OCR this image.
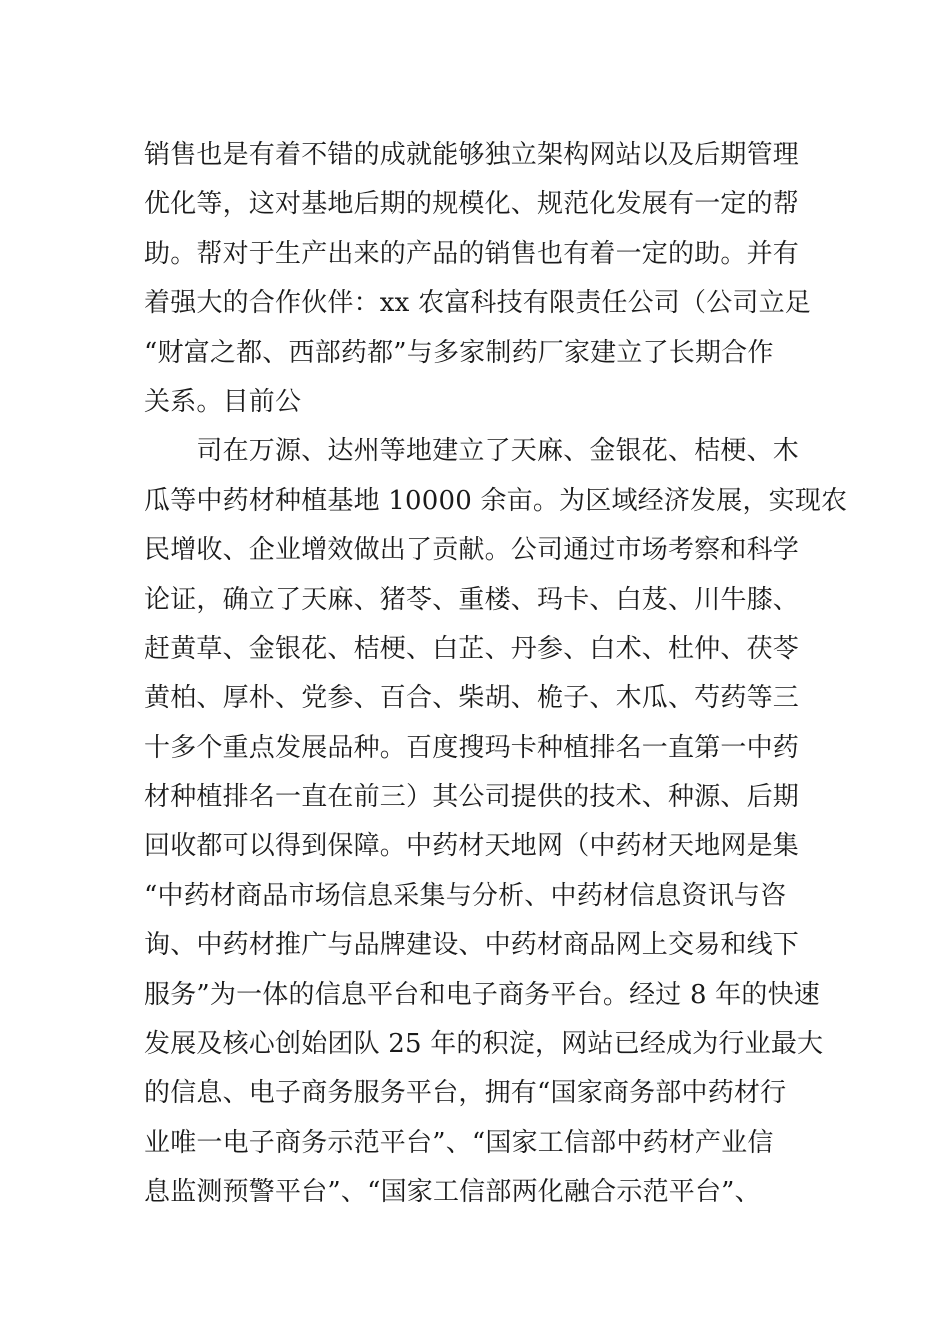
销售也是有着不错的成就能够独立架构网站以及后期管理
优化等，这对基地后期的规模化、规范化发展有一定的帮
助。帮对于生产出来的产品的销售也有着一定的助。并有
着强大的合作伙伴：xx 农富科技有限责任公司（公司立足
“财富之都、西部药都”与多家制药厂家建立了长期合作
关系。目前公
　　司在万源、达州等地建立了天麻、金银花、桔梗、木
瓜等中药材种植基地 10000 余亩。为区域经济发展，实现农
民增收、企业增效做出了贡献。公司通过市场考察和科学
论证，确立了天麻、猪苓、重楼、玛卡、白芨、川牛膝、
赶黄草、金银花、桔梗、白芷、丹参、白术、杜仲、茯苓
黄柏、厚朴、党参、百合、柴胡、桅子、木瓜、芍药等三
十多个重点发展品种。百度搜玛卡种植排名一直第一中药
材种植排名一直在前三）其公司提供的技术、种源、后期
回收都可以得到保障。中药材天地网（中药材天地网是集
“中药材商品市场信息采集与分析、中药材信息资讯与咨
询、中药材推广与品牌建设、中药材商品网上交易和线下
服务”为一体的信息平台和电子商务平台。经过 8 年的快速
发展及核心创始团队 25 年的积淀，网站已经成为行业最大
的信息、电子商务服务平台，拥有“国家商务部中药材行
业唯一电子商务示范平台”、“国家工信部中药材产业信
息监测预警平台”、“国家工信部两化融合示范平台”、
